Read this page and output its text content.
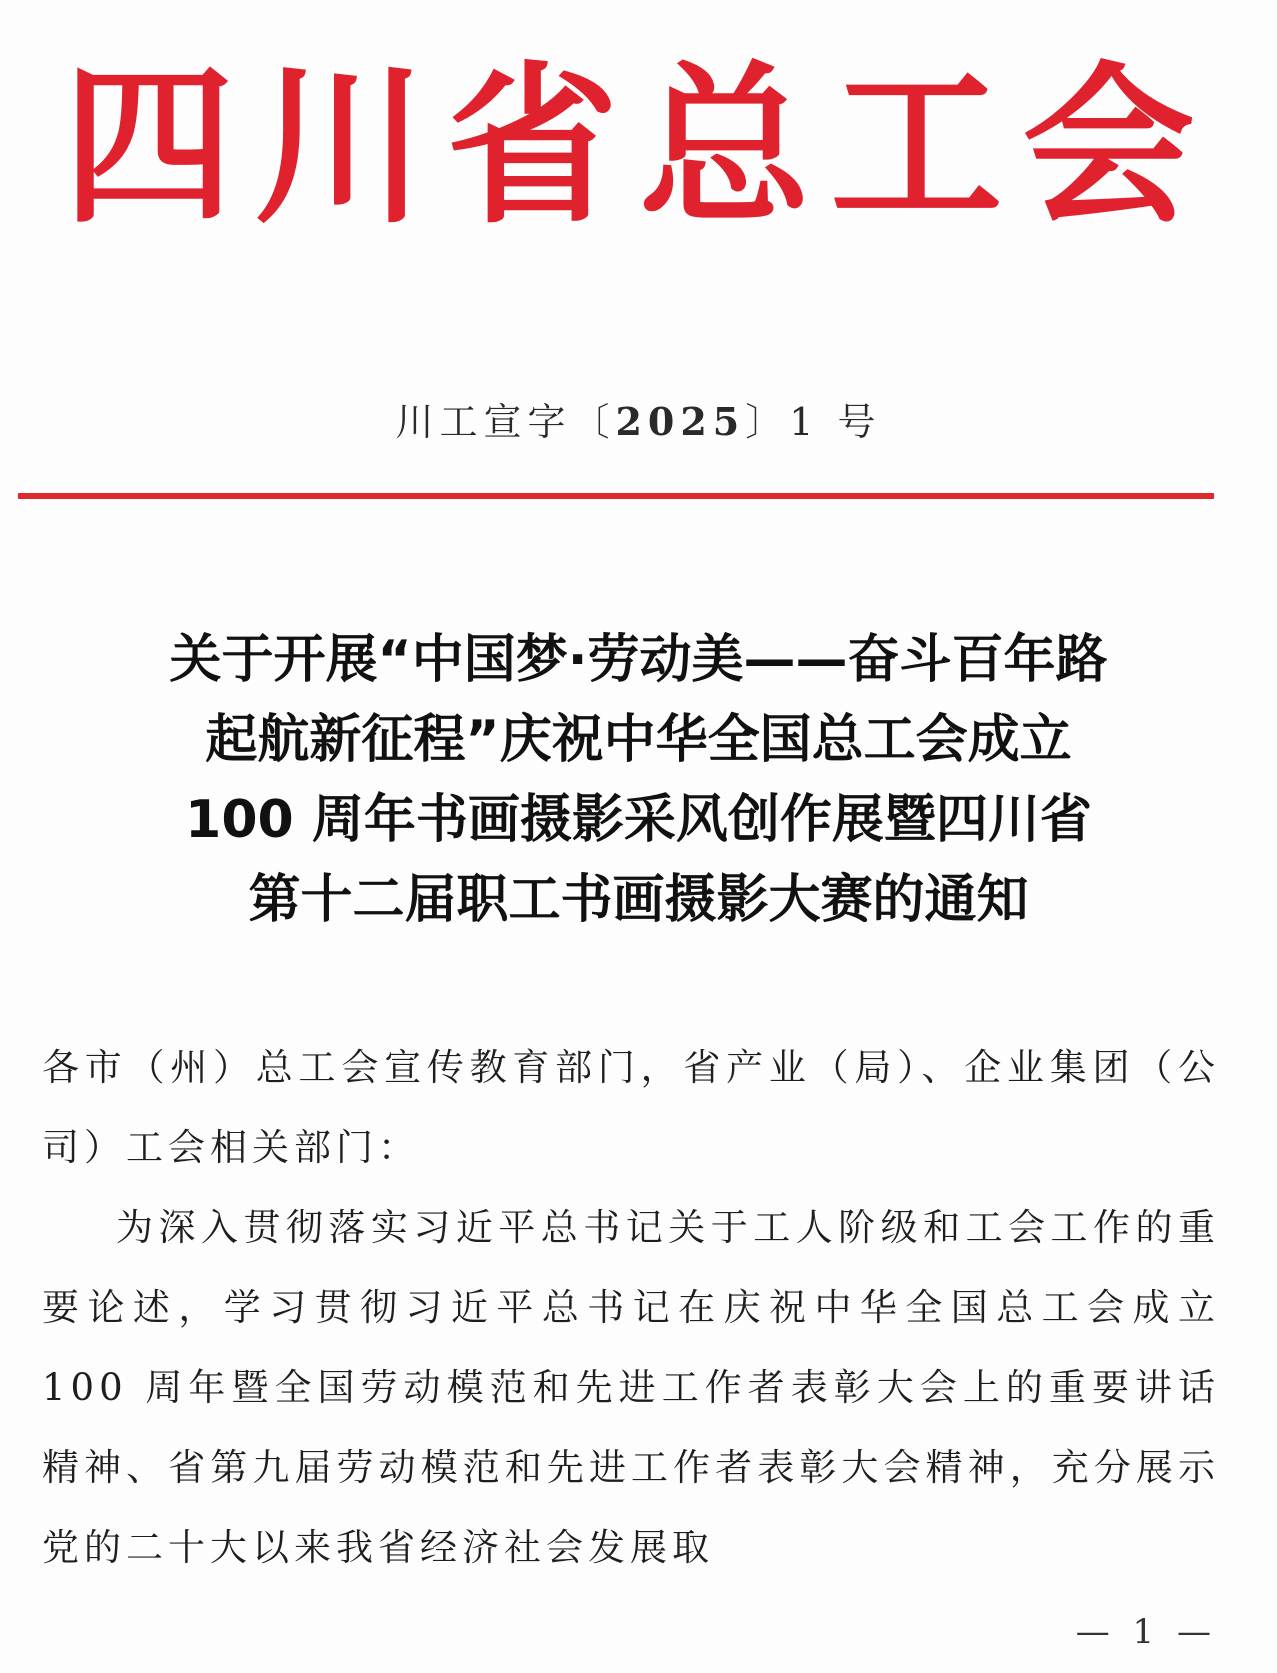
四川省总工会
川工宣字〔2025〕1 号
关于开展“中国梦·劳动美——奋斗百年路
起航新征程”庆祝中华全国总工会成立
100 周年书画摄影采风创作展暨四川省
第十二届职工书画摄影大赛的通知

各市（州）总工会宣传教育部门，省产业（局）、企业集团（公司）工会相关部门：

为深入贯彻落实习近平总书记关于工人阶级和工会工作的重要论述，学习贯彻习近平总书记在庆祝中华全国总工会成立 100 周年暨全国劳动模范和先进工作者表彰大会上的重要讲话精神、省第九届劳动模范和先进工作者表彰大会精神，充分展示党的二十大以来我省经济社会发展取

— 1 —
